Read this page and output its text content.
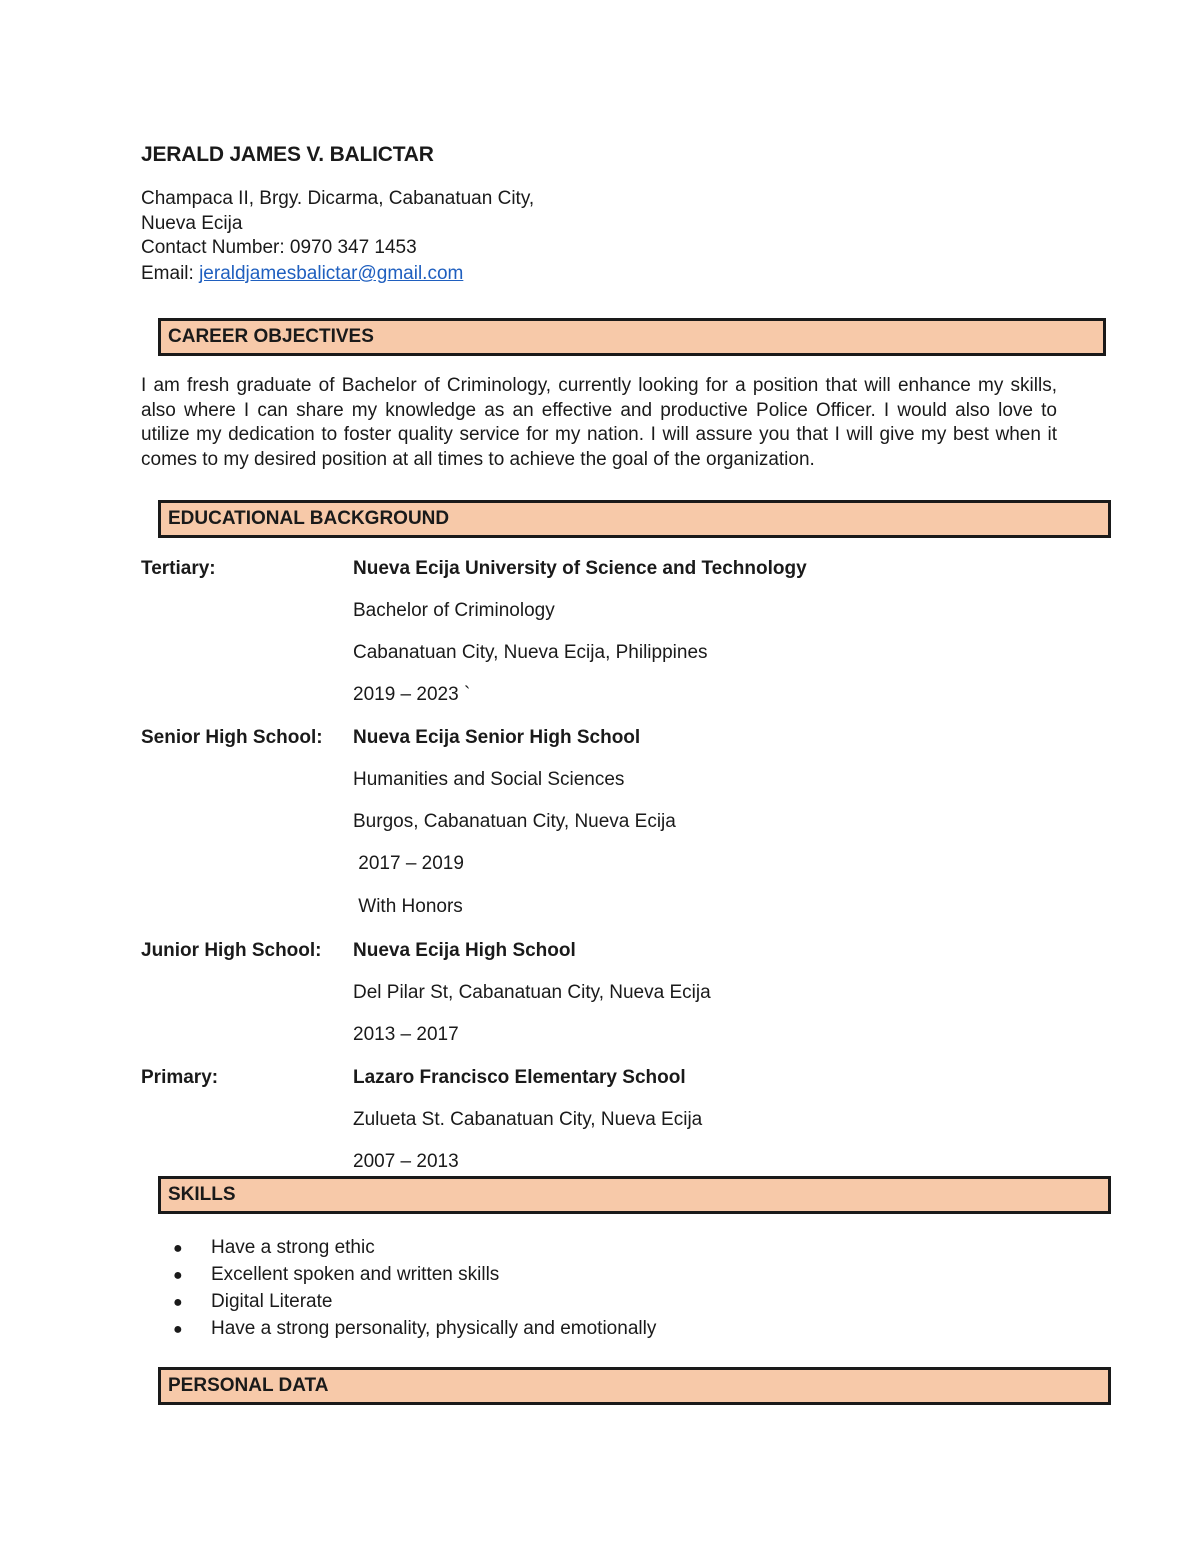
JERALD JAMES V. BALICTAR
Champaca II, Brgy. Dicarma, Cabanatuan City,
Nueva Ecija
Contact Number: 0970 347 1453
Email: jeraldjamesbalictar@gmail.com
CAREER OBJECTIVES
I am fresh graduate of Bachelor of Criminology, currently looking for a position that will enhance my skills, also where I can share my knowledge as an effective and productive Police Officer. I would also love to utilize my dedication to foster quality service for my nation. I will assure you that I will give my best when it comes to my desired position at all times to achieve the goal of the organization.
EDUCATIONAL BACKGROUND
Tertiary:	Nueva Ecija University of Science and Technology
Bachelor of Criminology
Cabanatuan City, Nueva Ecija, Philippines
2019 – 2023 `
Senior High School: Nueva Ecija Senior High School
Humanities and Social Sciences
Burgos, Cabanatuan City, Nueva Ecija
2017 – 2019
With Honors
Junior High School: Nueva Ecija High School
Del Pilar St, Cabanatuan City, Nueva Ecija
2013 – 2017
Primary:	Lazaro Francisco Elementary School
Zulueta St. Cabanatuan City, Nueva Ecija
2007 – 2013
SKILLS
● Have a strong ethic
● Excellent spoken and written skills
● Digital Literate
● Have a strong personality, physically and emotionally
PERSONAL DATA
